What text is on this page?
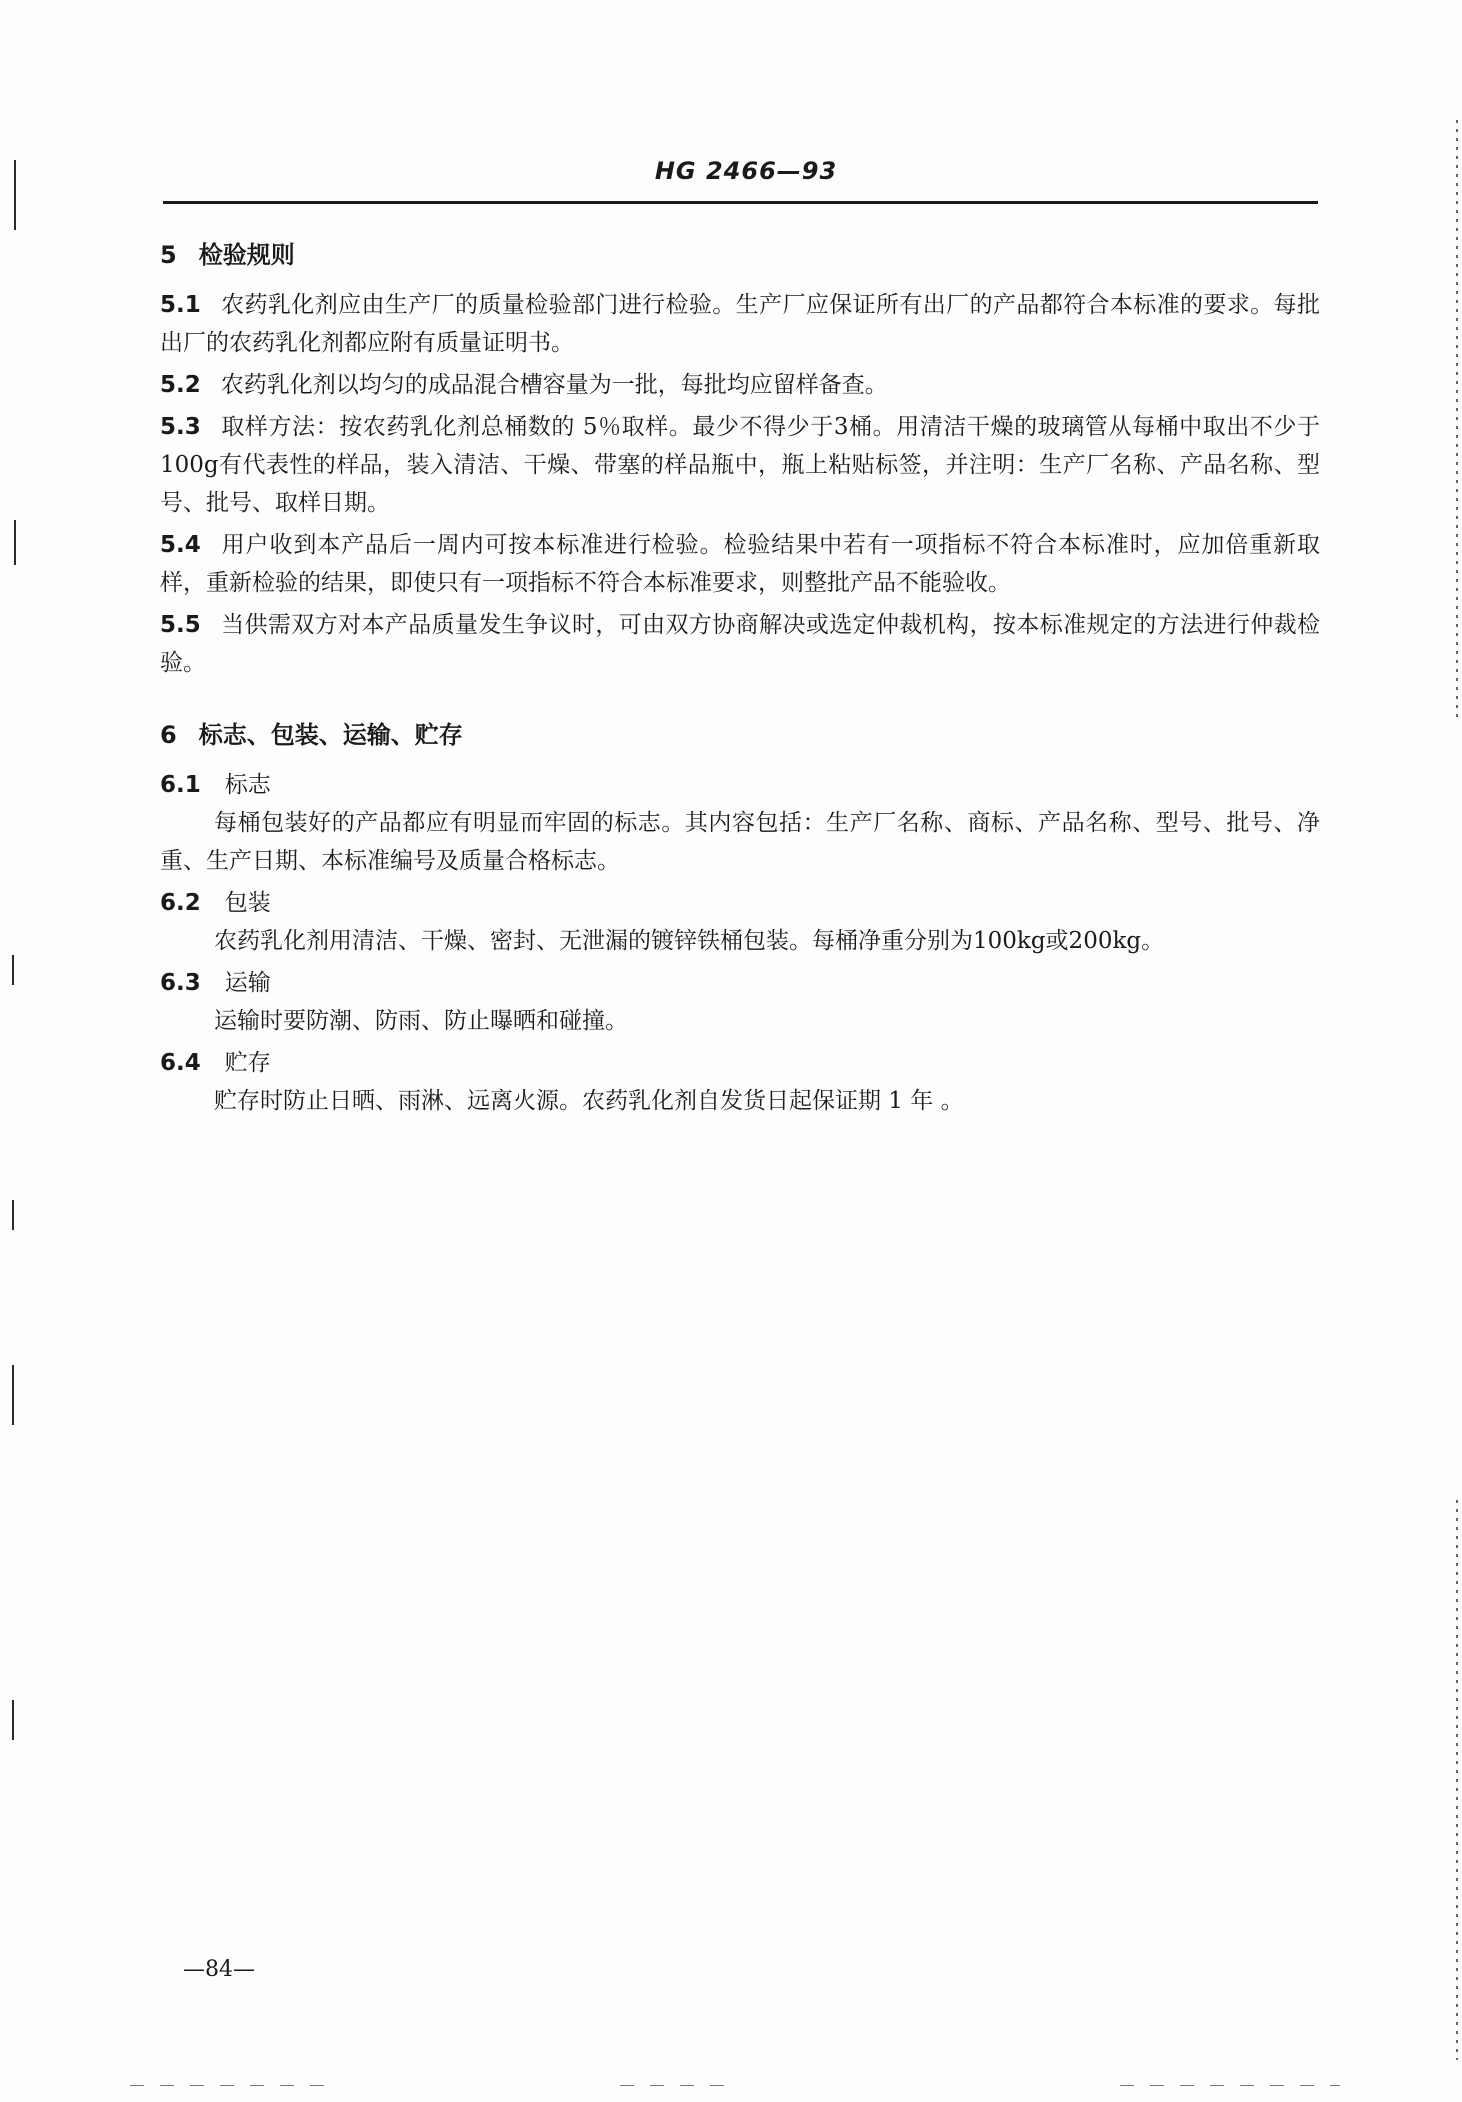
HG 2466—93
5 检验规则

5.1 农药乳化剂应由生产厂的质量检验部门进行检验。生产厂应保证所有出厂的产品都符合本标准的要求。每批出厂的农药乳化剂都应附有质量证明书。

5.2 农药乳化剂以均匀的成品混合槽容量为一批，每批均应留样备查。

5.3 取样方法：按农药乳化剂总桶数的 5％取样。最少不得少于3桶。用清洁干燥的玻璃管从每桶中取出不少于100g有代表性的样品，装入清洁、干燥、带塞的样品瓶中，瓶上粘贴标签，并注明：生产厂名称、产品名称、型号、批号、取样日期。

5.4 用户收到本产品后一周内可按本标准进行检验。检验结果中若有一项指标不符合本标准时，应加倍重新取样，重新检验的结果，即使只有一项指标不符合本标准要求，则整批产品不能验收。

5.5 当供需双方对本产品质量发生争议时，可由双方协商解决或选定仲裁机构，按本标准规定的方法进行仲裁检验。

6 标志、包装、运输、贮存

6.1 标志

每桶包装好的产品都应有明显而牢固的标志。其内容包括：生产厂名称、商标、产品名称、型号、批号、净重、生产日期、本标准编号及质量合格标志。

6.2 包装

农药乳化剂用清洁、干燥、密封、无泄漏的镀锌铁桶包装。每桶净重分别为100kg或200kg。

6.3 运输

运输时要防潮、防雨、防止曝晒和碰撞。

6.4 贮存

贮存时防止日晒、雨淋、远离火源。农药乳化剂自发货日起保证期 1 年 。

—84—
